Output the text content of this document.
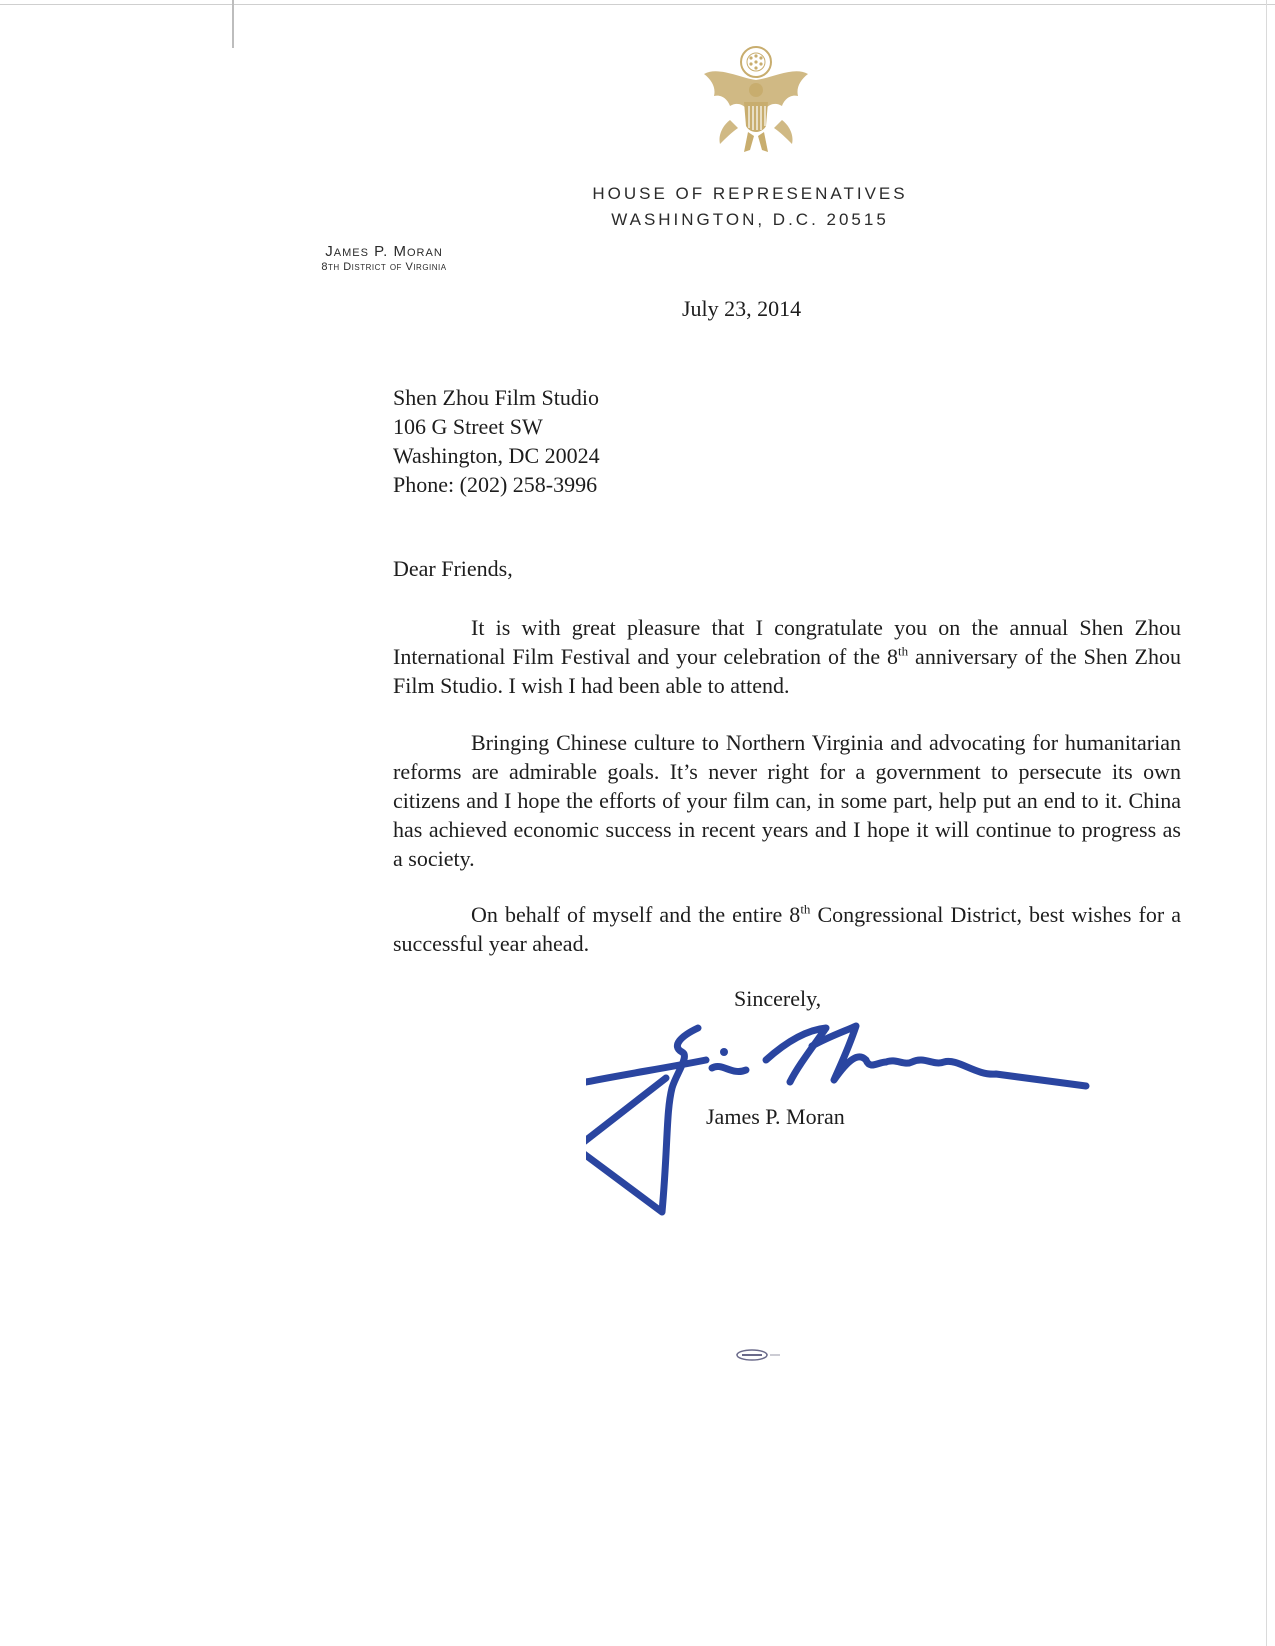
HOUSE OF REPRESENATIVES
WASHINGTON, D.C. 20515
James P. Moran
8th District of Virginia
July 23, 2014
Shen Zhou Film Studio
106 G Street SW
Washington, DC 20024
Phone: (202) 258-3996
Dear Friends,

It is with great pleasure that I congratulate you on the annual Shen Zhou International Film Festival and your celebration of the 8th anniversary of the Shen Zhou Film Studio. I wish I had been able to attend.

Bringing Chinese culture to Northern Virginia and advocating for humanitarian reforms are admirable goals. It’s never right for a government to persecute its own citizens and I hope the efforts of your film can, in some part, help put an end to it. China has achieved economic success in recent years and I hope it will continue to progress as a society.

On behalf of myself and the entire 8th Congressional District, best wishes for a successful year ahead.

Sincerely,
James P. Moran
